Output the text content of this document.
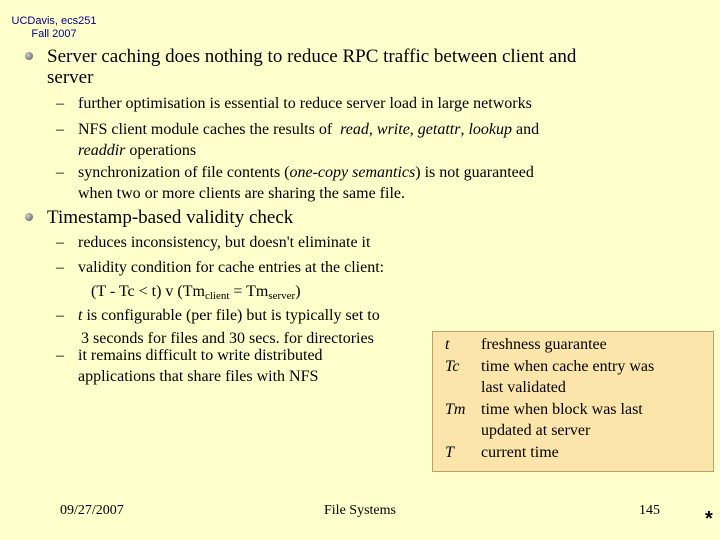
UCDavis, ecs251
Fall 2007
Server caching does nothing to reduce RPC traffic between client and
server
– further optimisation is essential to reduce server load in large networks
– NFS client module caches the results of read, write, getattr, lookup and
readdir operations
– synchronization of file contents (one-copy semantics) is not guaranteed
when two or more clients are sharing the same file.
Timestamp-based validity check
– reduces inconsistency, but doesn't eliminate it
– validity condition for cache entries at the client:
(T - Tc < t) v $(Tm_{client} = Tm_{server})$
– t is configurable (per file) but is typically set to
3 seconds for files and 30 secs. for directories
– it remains difficult to write distributed
applications that share files with NFS
t
Tc

Tm

T
freshness guarantee
time when cache entry was
last validated
time when block was last
updated at server
current time
09/27/2007	File Systems	145 *
